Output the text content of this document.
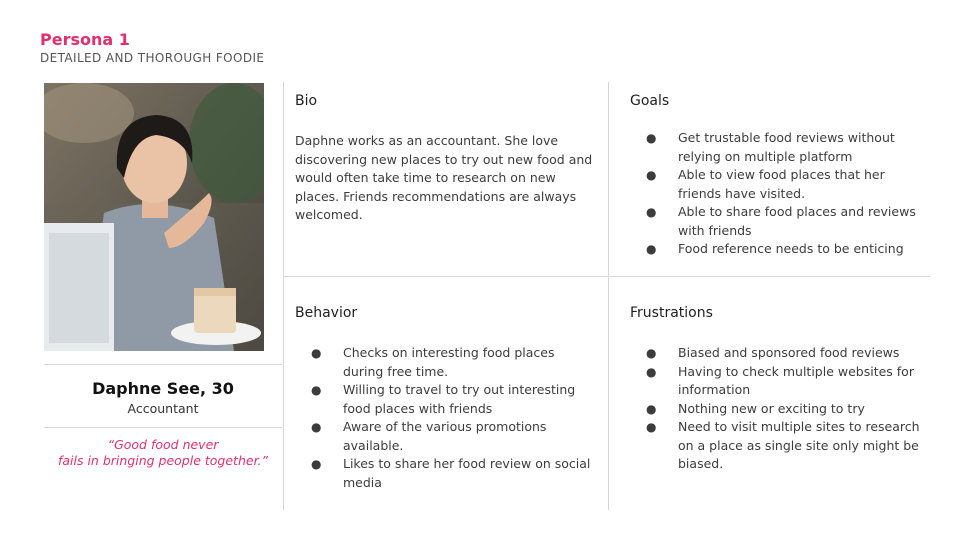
Persona 1
DETAILED AND THOROUGH FOODIE
Daphne See, 30
Accountant
“Good food never
fails in bringing people together.”
Bio
Daphne works as an accountant. She love discovering new places to try out new food and would often take time to research on new places. Friends recommendations are always welcomed.
Goals
● Get trustable food reviews without relying on multiple platform
● Able to view food places that her friends have visited.
● Able to share food places and reviews with friends
● Food reference needs to be enticing
Behavior
● Checks on interesting food places during free time.
● Willing to travel to try out interesting food places with friends
● Aware of the various promotions available.
● Likes to share her food review on social media
Frustrations
● Biased and sponsored food reviews
● Having to check multiple websites for information
● Nothing new or exciting to try
● Need to visit multiple sites to research on a place as single site only might be biased.
